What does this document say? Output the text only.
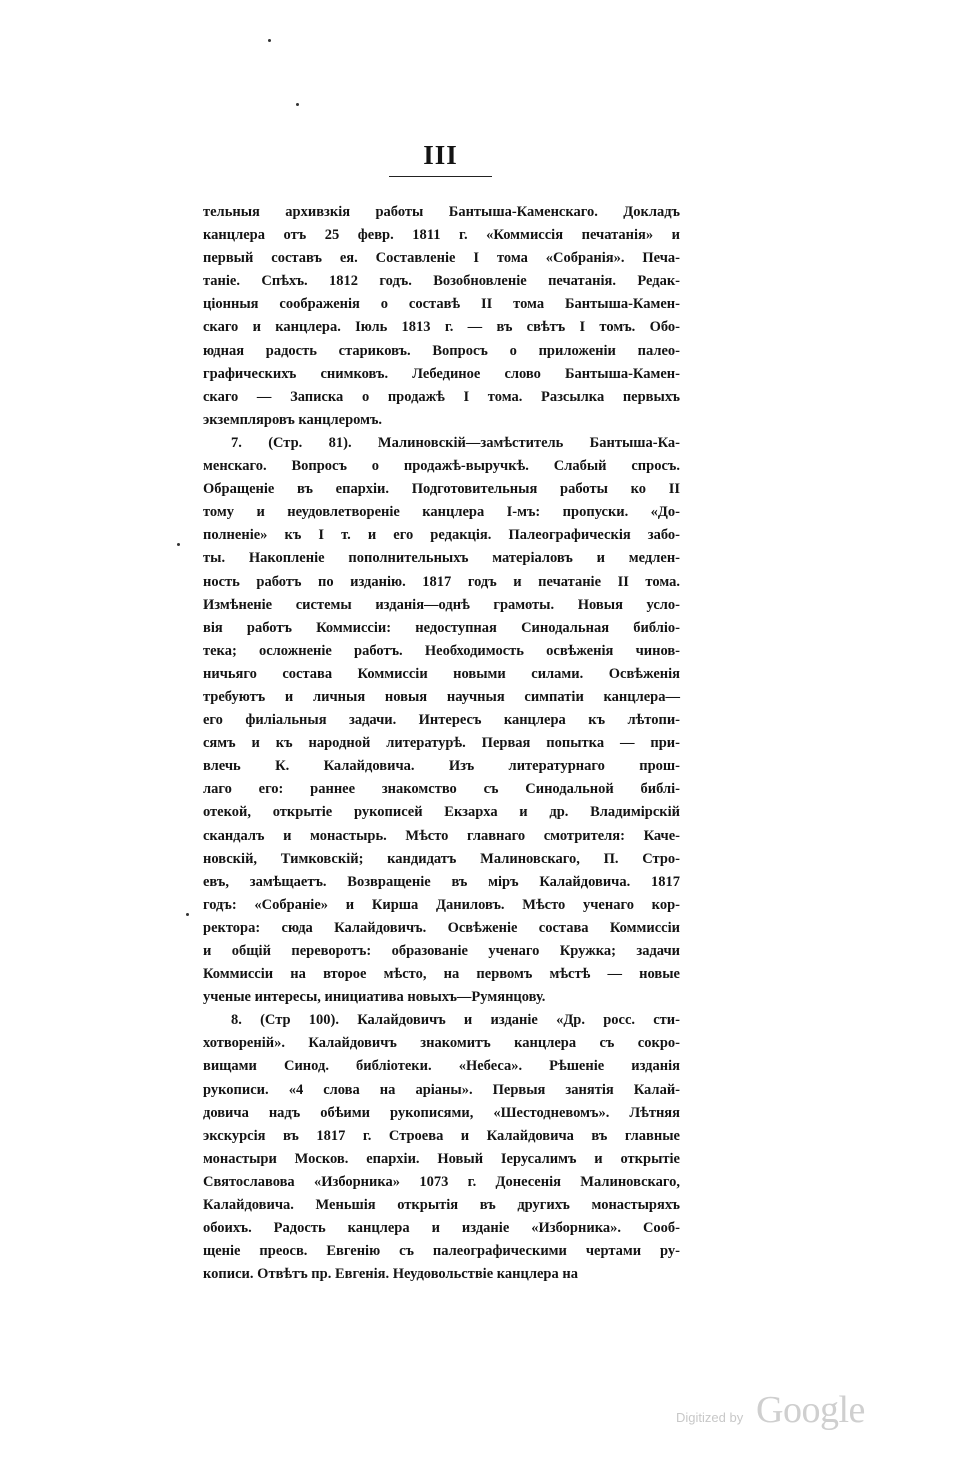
III
тельныя архивзкія работы Бантыша-Каменскаго. Докладъ
канцлера отъ 25 февр. 1811 г. «Коммиссія печатанія» и
первый составъ ея. Составленіе I тома «Собранія». Печа-
таніе. Спѣхъ. 1812 годъ. Возобновленіе печатанія. Редак-
ціонныя соображенія о составѣ II тома Бантыша-Камен-
скаго и канцлера. Іюль 1813 г. — въ свѣтъ I томъ. Обо-
юдная радость стариковъ. Вопросъ о приложеніи палео-
графическихъ снимковъ. Лебединое слово Бантыша-Камен-
скаго — Записка о продажѣ I тома. Разсылка первыхъ
экземпляровъ канцлеромъ.
7. (Стр. 81). Малиновскій—замѣститель Бантыша-Ка-
менскаго. Вопросъ о продажѣ-выручкѣ. Слабый спросъ.
Обращеніе въ епархіи. Подготовительныя работы ко II
тому и неудовлетвореніе канцлера I-мъ: пропуски. «До-
полненіе» къ I т. и его редакція. Палеографическія забо-
ты. Накопленіе пополнительныхъ матеріаловъ и медлен-
ность работъ по изданію. 1817 годъ и печатаніе II тома.
Измѣненіе системы изданія—однѣ грамоты. Новыя усло-
вія работъ Коммиссіи: недоступная Синодальная библіо-
тека; осложненіе работъ. Необходимость освѣженія чинов-
ничьяго состава Коммиссіи новыми силами. Освѣженія
требуютъ и личныя новыя научныя симпатіи канцлера—
его филіальныя задачи. Интересъ канцлера къ лѣтопи-
сямъ и къ народной литературѣ. Первая попытка — при-
влечь К. Калайдовича. Изъ литературнаго прош-
лаго его: раннее знакомство съ Синодальной библі-
отекой, открытіе рукописей Екзарха и др. Владимірскій
скандалъ и монастырь. Мѣсто главнаго смотрителя: Каче-
новскій, Тимковскій; кандидатъ Малиновскаго, П. Стро-
евъ, замѣщаетъ. Возвращеніе въ міръ Калайдовича. 1817
годъ: «Собраніе» и Кирша Даниловъ. Мѣсто ученаго кор-
ректора: сюда Калайдовичъ. Освѣженіе состава Коммиссіи
и общій переворотъ: образованіе ученаго Кружка; задачи
Коммиссіи на второе мѣсто, на первомъ мѣстѣ — новые
ученые интересы, инициатива новыхъ—Румянцову.
8. (Стр 100). Калайдовичъ и изданіе «Др. росс. сти-
хотвореній». Калайдовичъ знакомитъ канцлера съ сокро-
вищами Синод. библіотеки. «Небеса». Рѣшеніе изданія
рукописи. «4 слова на аріаны». Первыя занятія Калай-
довича надъ обѣими рукописями, «Шестодневомъ». Лѣтняя
экскурсія въ 1817 г. Строева и Калайдовича въ главные
монастыри Москов. епархіи. Новый Іерусалимъ и открытіе
Святославова «Изборника» 1073 г. Донесенія Малиновскаго,
Калайдовича. Меньшія открытія въ другихъ монастыряхъ
обоихъ. Радость канцлера и изданіе «Изборника». Сооб-
щеніе преосв. Евгенію съ палеографическими чертами ру-
кописи. Отвѣтъ пр. Евгенія. Неудовольствіе канцлера на
Digitized by Google
